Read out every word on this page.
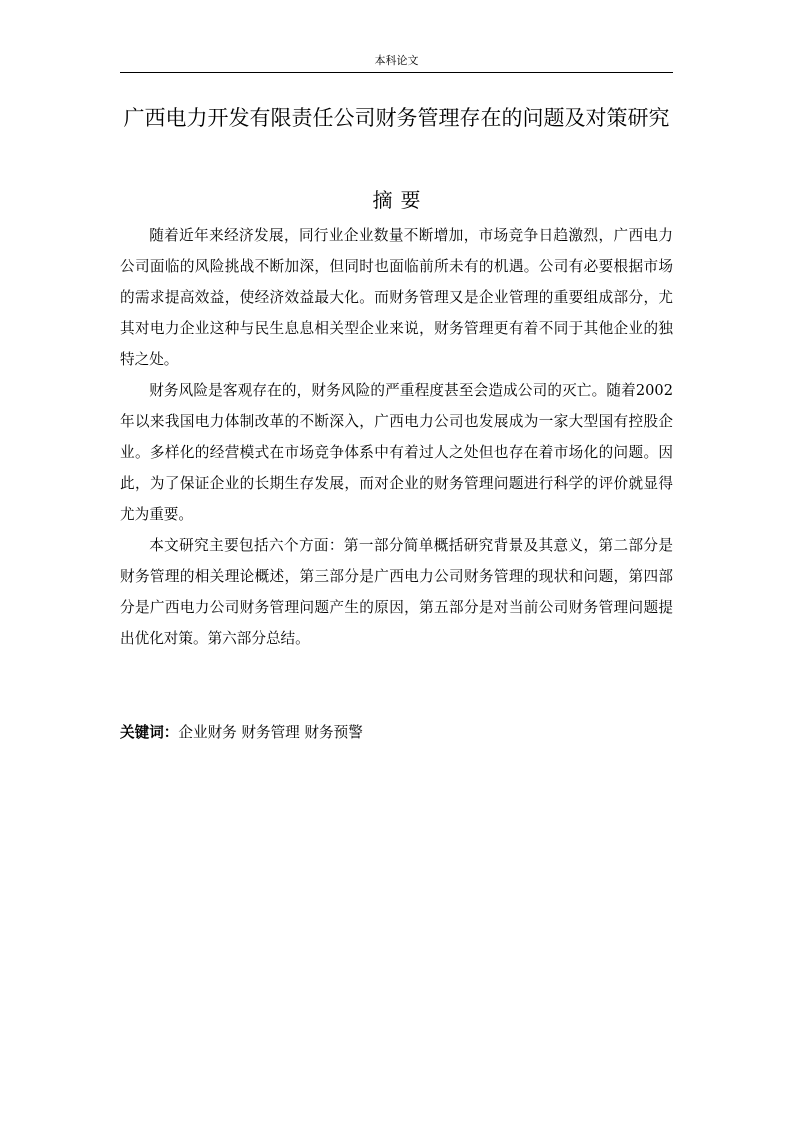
本科论文
广西电力开发有限责任公司财务管理存在的问题及对策研究
摘要

随着近年来经济发展，同行业企业数量不断增加，市场竞争日趋激烈，广西电力公司面临的风险挑战不断加深，但同时也面临前所未有的机遇。公司有必要根据市场的需求提高效益，使经济效益最大化。而财务管理又是企业管理的重要组成部分，尤其对电力企业这种与民生息息相关型企业来说，财务管理更有着不同于其他企业的独特之处。

财务风险是客观存在的，财务风险的严重程度甚至会造成公司的灭亡。随着2002年以来我国电力体制改革的不断深入，广西电力公司也发展成为一家大型国有控股企业。多样化的经营模式在市场竞争体系中有着过人之处但也存在着市场化的问题。因此，为了保证企业的长期生存发展，而对企业的财务管理问题进行科学的评价就显得尤为重要。

本文研究主要包括六个方面：第一部分简单概括研究背景及其意义，第二部分是财务管理的相关理论概述，第三部分是广西电力公司财务管理的现状和问题，第四部分是广西电力公司财务管理问题产生的原因，第五部分是对当前公司财务管理问题提出优化对策。第六部分总结。

关键词：企业财务 财务管理 财务预警
